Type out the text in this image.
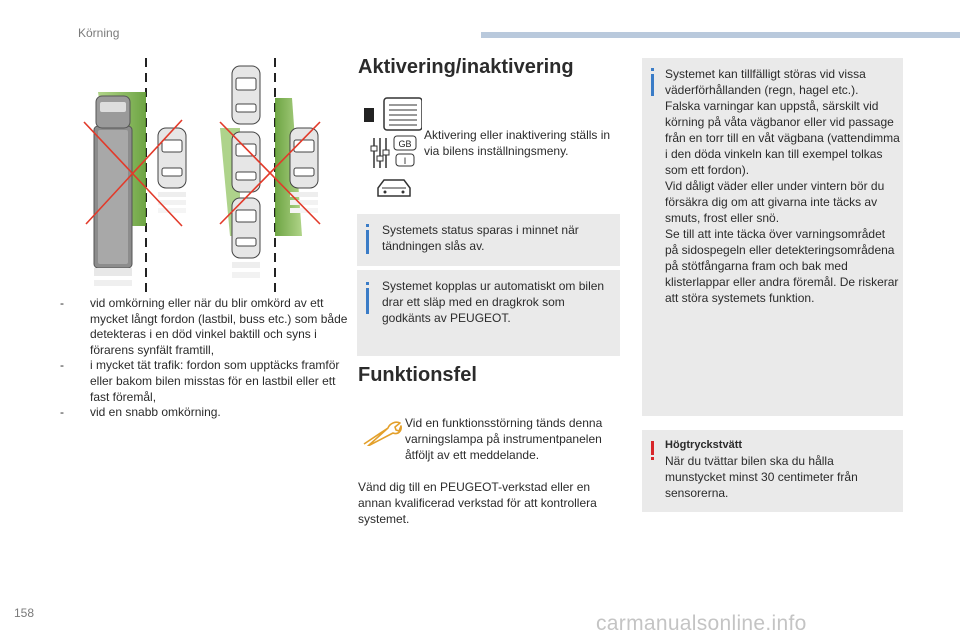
Körning
- vid omkörning eller när du blir omkörd av ett mycket långt fordon (lastbil, buss etc.) som både detekteras i en död vinkel baktill och syns i förarens synfält framtill,
- i mycket tät trafik: fordon som upptäcks framför eller bakom bilen misstas för en lastbil eller ett fast föremål,
- vid en snabb omkörning.
Aktivering/inaktivering
GB
I
Aktivering eller inaktivering ställs in via bilens inställningsmeny.
Systemets status sparas i minnet när tändningen slås av.
Systemet kopplas ur automatiskt om bilen drar ett släp med en dragkrok som godkänts av PEUGEOT.
Funktionsfel
Vid en funktionsstörning tänds denna varningslampa på instrumentpanelen åtföljt av ett meddelande.
Vänd dig till en PEUGEOT-verkstad eller en annan kvalificerad verkstad för att kontrollera systemet.
Systemet kan tillfälligt störas vid vissa väderförhållanden (regn, hagel etc.).
Falska varningar kan uppstå, särskilt vid körning på våta vägbanor eller vid passage från en torr till en våt vägbana (vattendimma i den döda vinkeln kan till exempel tolkas som ett fordon).
Vid dåligt väder eller under vintern bör du försäkra dig om att givarna inte täcks av smuts, frost eller snö.
Se till att inte täcka över varningsområdet på sidospegeln eller detekteringsområdena på stötfångarna fram och bak med klisterlappar eller andra föremål. De riskerar att störa systemets funktion.
Högtryckstvätt
När du tvättar bilen ska du hålla munstycket minst 30 centimeter från sensorerna.
158	carmanualsonline.info
